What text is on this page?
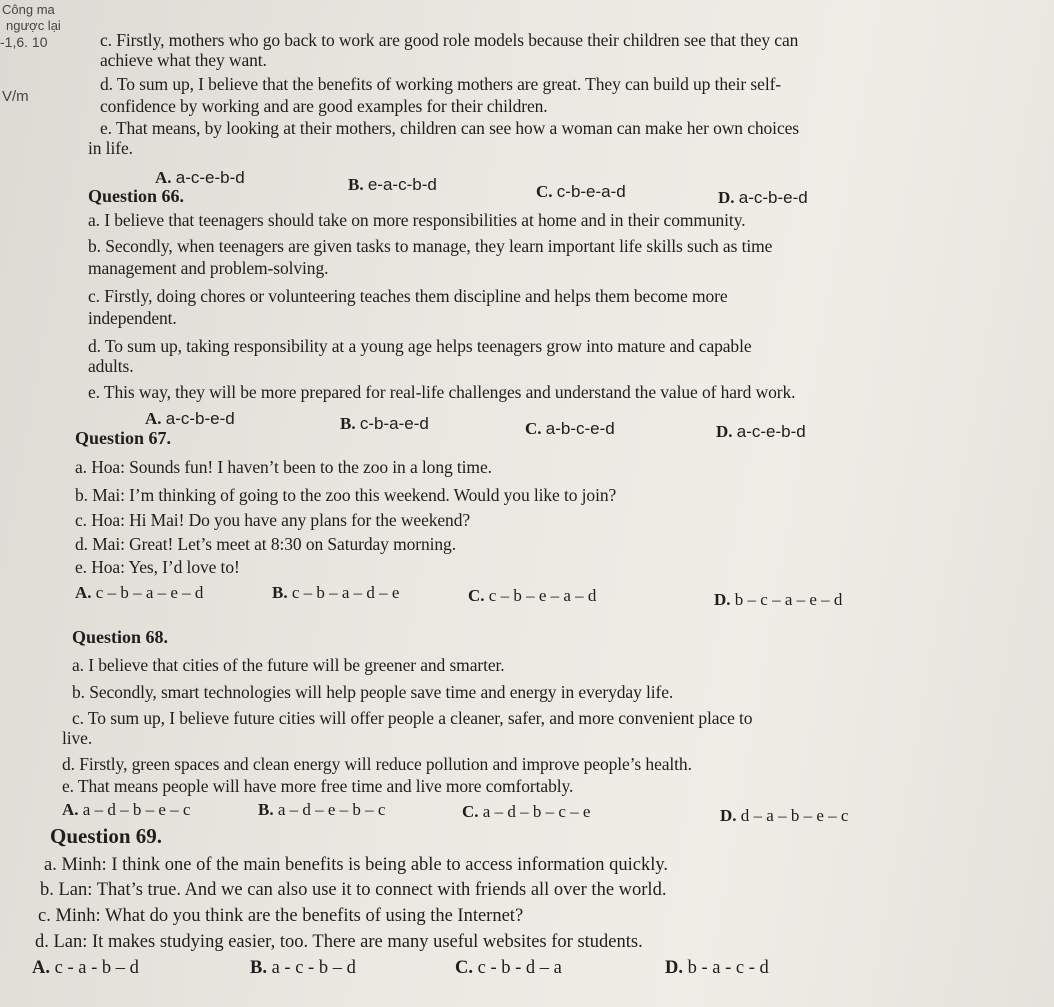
Công ma
ngược lại
-1,6. 10
V/m
c. Firstly, mothers who go back to work are good role models because their children see that they can
achieve what they want.
d. To sum up, I believe that the benefits of working mothers are great. They can build up their self-
confidence by working and are good examples for their children.
e. That means, by looking at their mothers, children can see how a woman can make her own choices
in life.
A. a-c-e-b-d	B. e-a-c-b-d	C. c-b-e-a-d	D. a-c-b-e-d
Question 66.
a. I believe that teenagers should take on more responsibilities at home and in their community.
b. Secondly, when teenagers are given tasks to manage, they learn important life skills such as time
management and problem-solving.
c. Firstly, doing chores or volunteering teaches them discipline and helps them become more
independent.
d. To sum up, taking responsibility at a young age helps teenagers grow into mature and capable
adults.
e. This way, they will be more prepared for real-life challenges and understand the value of hard work.
A. a-c-b-e-d	B. c-b-a-e-d	C. a-b-c-e-d	D. a-c-e-b-d
Question 67.
a. Hoa: Sounds fun! I haven’t been to the zoo in a long time.
b. Mai: I’m thinking of going to the zoo this weekend. Would you like to join?
c. Hoa: Hi Mai! Do you have any plans for the weekend?
d. Mai: Great! Let’s meet at 8:30 on Saturday morning.
e. Hoa: Yes, I’d love to!
A. c – b – a – e – d	B. c – b – a – d – e	C. c – b – e – a – d	D. b – c – a – e – d
Question 68.
a. I believe that cities of the future will be greener and smarter.
b. Secondly, smart technologies will help people save time and energy in everyday life.
c. To sum up, I believe future cities will offer people a cleaner, safer, and more convenient place to
live.
d. Firstly, green spaces and clean energy will reduce pollution and improve people’s health.
e. That means people will have more free time and live more comfortably.
A. a – d – b – e – c	B. a – d – e – b – c	C. a – d – b – c – e	D. d – a – b – e – c
Question 69.
a. Minh: I think one of the main benefits is being able to access information quickly.
b. Lan: That’s true. And we can also use it to connect with friends all over the world.
c. Minh: What do you think are the benefits of using the Internet?
d. Lan: It makes studying easier, too. There are many useful websites for students.
A. c - a - b – d	B. a - c - b – d	C. c - b - d – a	D. b - a - c - d
